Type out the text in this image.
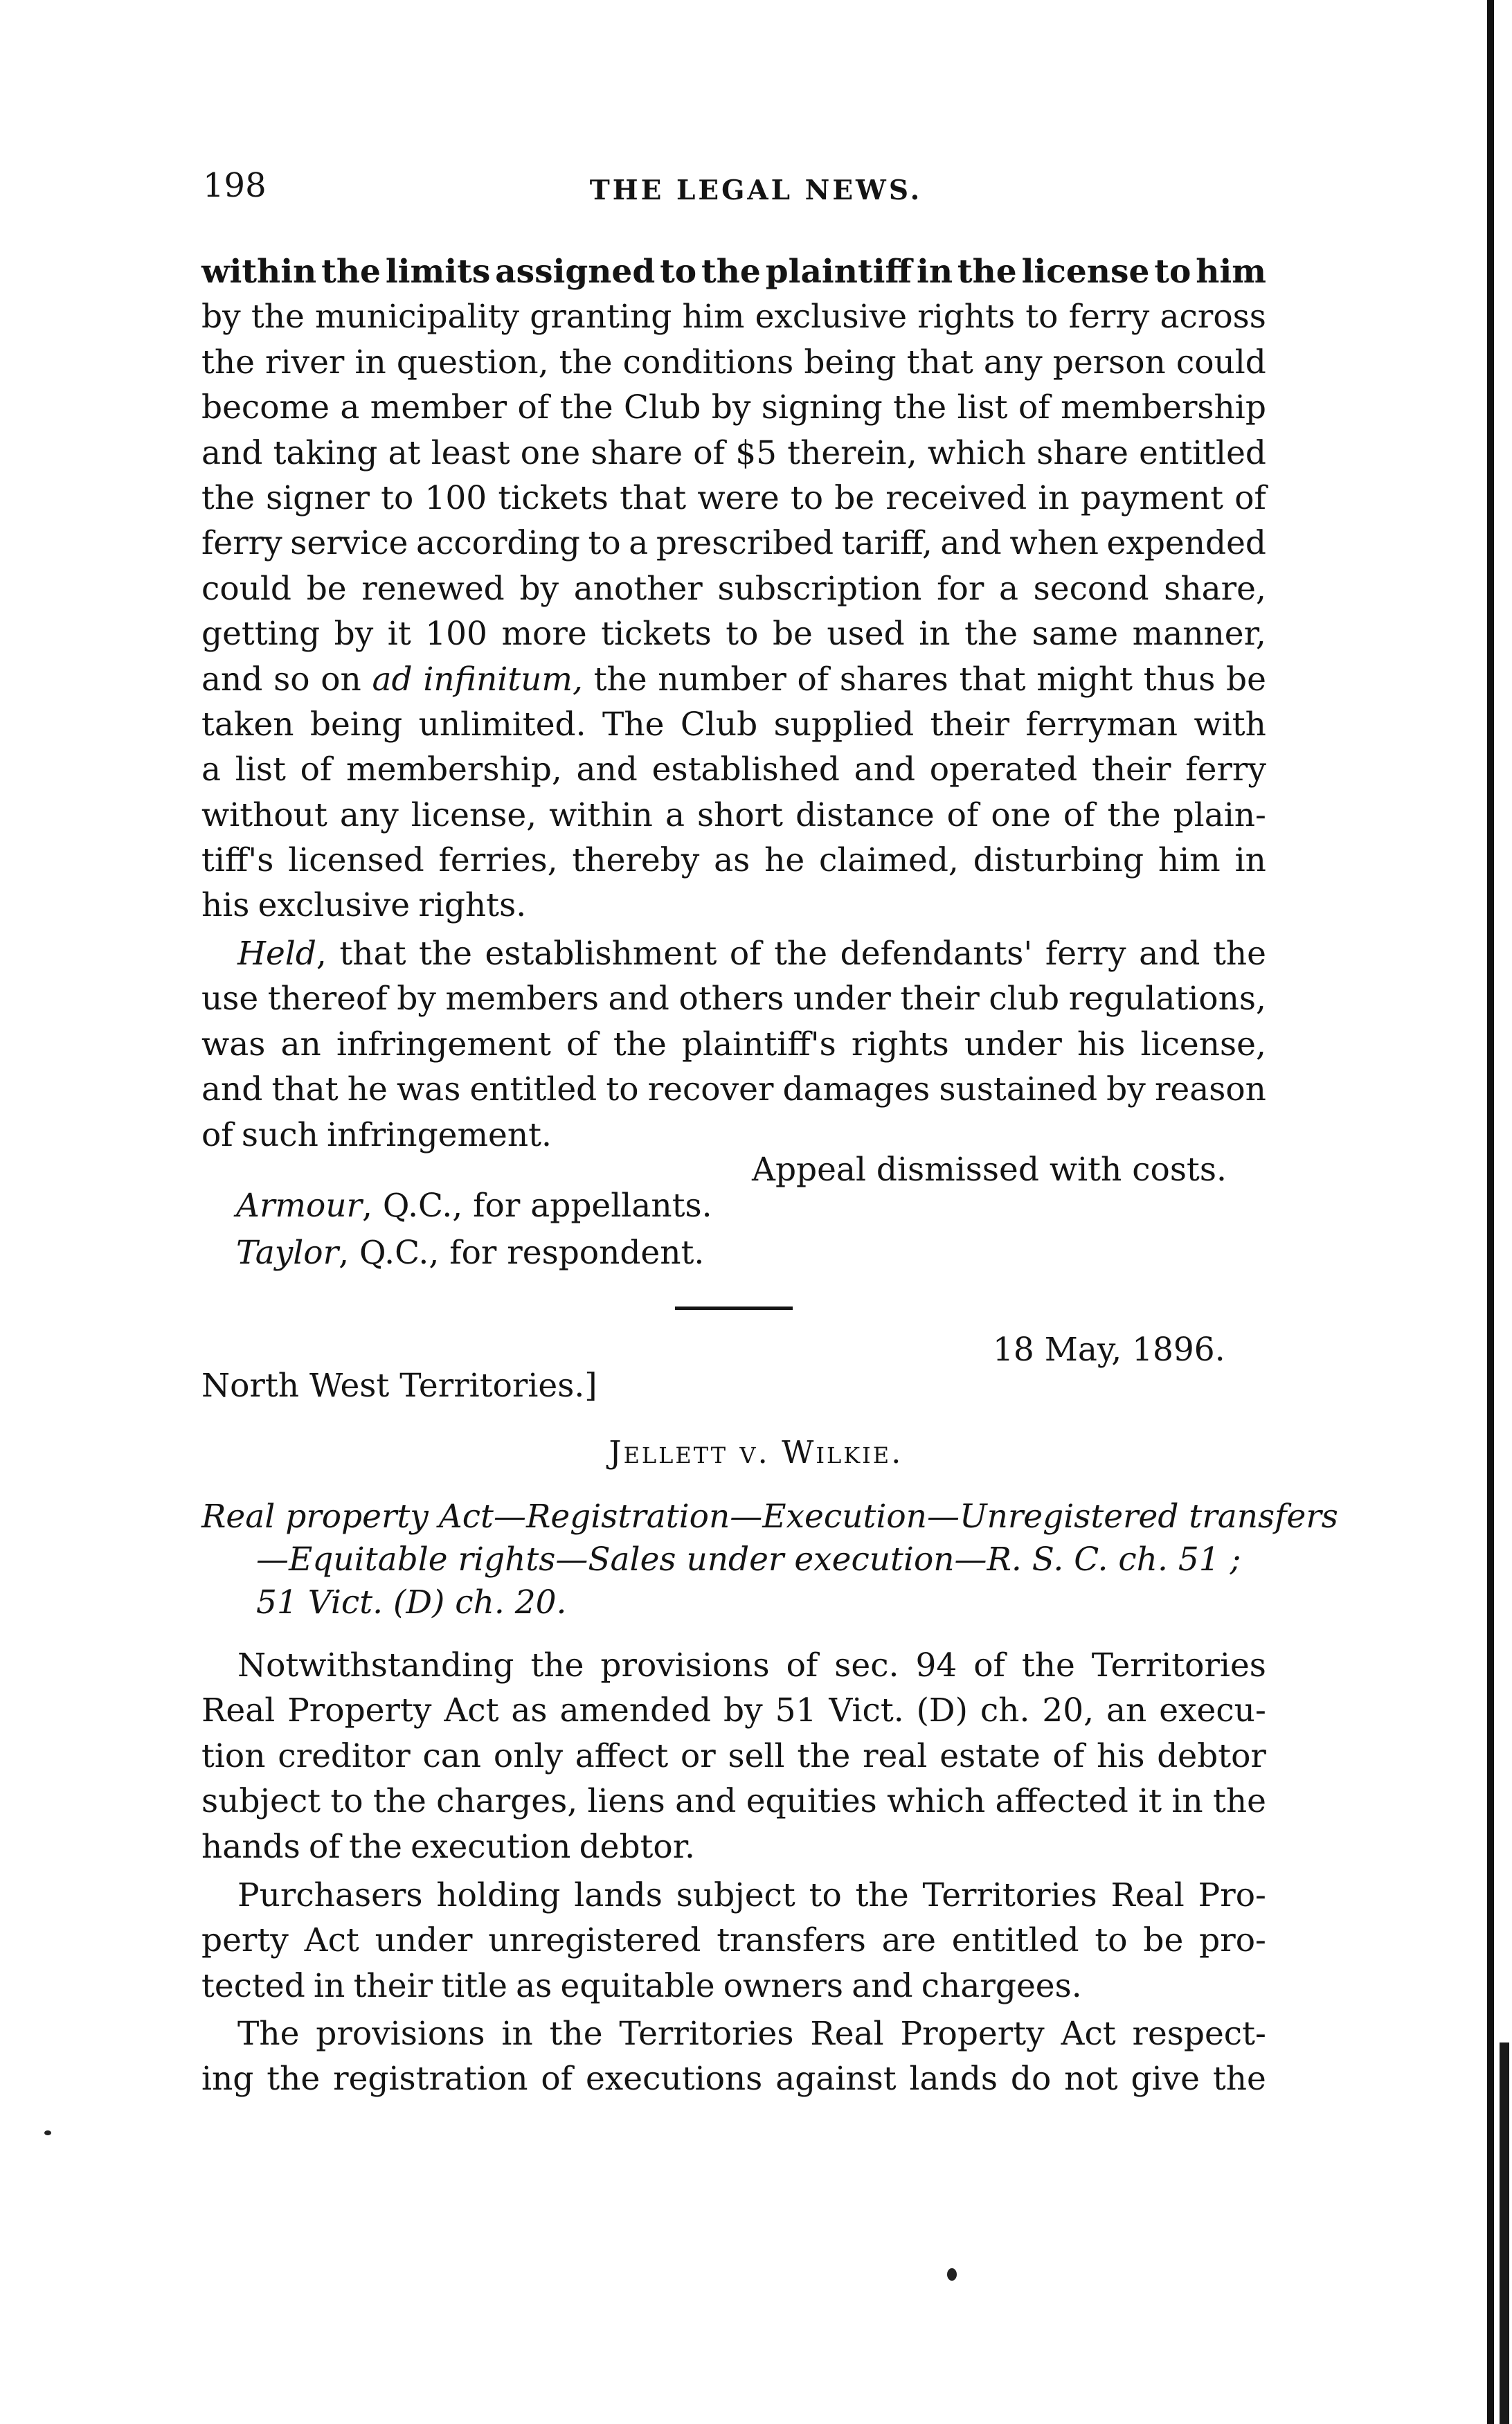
198	THE LEGAL NEWS.
within the limits assigned to the plaintiff in the license to him
by the municipality granting him exclusive rights to ferry across
the river in question, the conditions being that any person could
become a member of the Club by signing the list of membership
and taking at least one share of $5 therein, which share entitled
the signer to 100 tickets that were to be received in payment of
ferry service according to a prescribed tariff, and when expended
could be renewed by another subscription for a second share,
getting by it 100 more tickets to be used in the same manner,
and so on ad infinitum, the number of shares that might thus be
taken being unlimited. The Club supplied their ferryman with
a list of membership, and established and operated their ferry
without any license, within a short distance of one of the plain-
tiff's licensed ferries, thereby as he claimed, disturbing him in
his exclusive rights.
Held, that the establishment of the defendants' ferry and the
use thereof by members and others under their club regulations,
was an infringement of the plaintiff's rights under his license,
and that he was entitled to recover damages sustained by reason
of such infringement.
Appeal dismissed with costs.
Armour, Q.C., for appellants.
Taylor, Q.C., for respondent.
18 May, 1896.
North West Territories.]
Jellett v. Wilkie.
Real property Act—Registration—Execution—Unregistered transfers
—Equitable rights—Sales under execution—R. S. C. ch. 51 ;
51 Vict. (D) ch. 20.
Notwithstanding the provisions of sec. 94 of the Territories
Real Property Act as amended by 51 Vict. (D) ch. 20, an execu-
tion creditor can only affect or sell the real estate of his debtor
subject to the charges, liens and equities which affected it in the
hands of the execution debtor.
Purchasers holding lands subject to the Territories Real Pro-
perty Act under unregistered transfers are entitled to be pro-
tected in their title as equitable owners and chargees.
The provisions in the Territories Real Property Act respect-
ing the registration of executions against lands do not give the
